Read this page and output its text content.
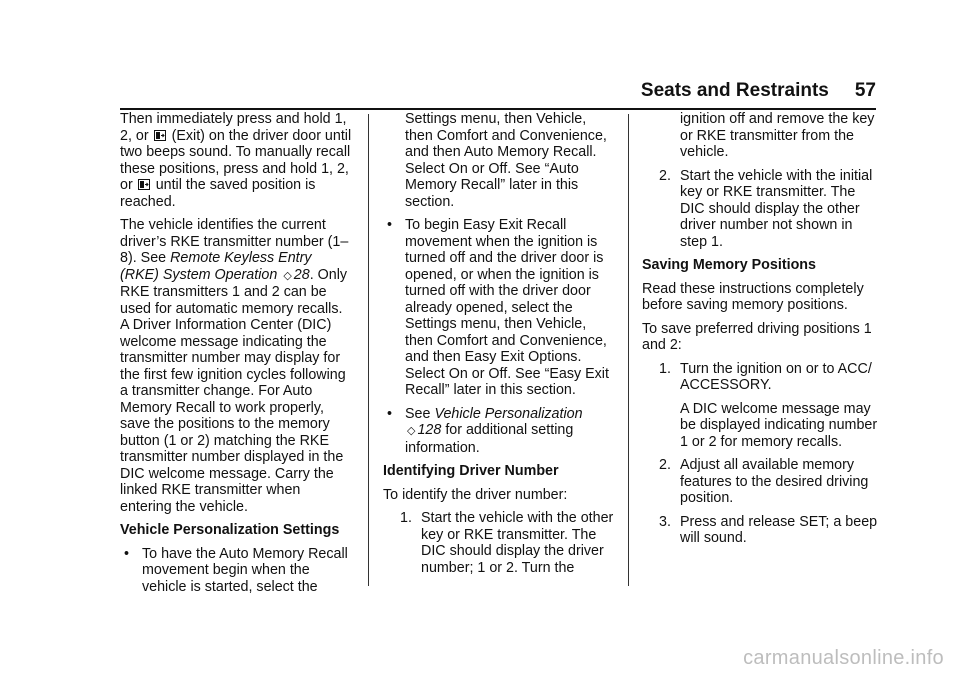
Seats and Restraints 57

Then immediately press and hold 1, 2, or (Exit) on the driver door until two beeps sound. To manually recall these positions, press and hold 1, 2, or until the saved position is reached.

The vehicle identifies the current driver’s RKE transmitter number (1–8). See Remote Keyless Entry (RKE) System Operation ◇ 28. Only RKE transmitters 1 and 2 can be used for automatic memory recalls. A Driver Information Center (DIC) welcome message indicating the transmitter number may display for the first few ignition cycles following a transmitter change. For Auto Memory Recall to work properly, save the positions to the memory button (1 or 2) matching the RKE transmitter number displayed in the DIC welcome message. Carry the linked RKE transmitter when entering the vehicle.

Vehicle Personalization Settings

• To have the Auto Memory Recall movement begin when the vehicle is started, select the
Settings menu, then Vehicle, then Comfort and Convenience, and then Auto Memory Recall. Select On or Off. See “Auto Memory Recall” later in this section.
• To begin Easy Exit Recall movement when the ignition is turned off and the driver door is opened, or when the ignition is turned off with the driver door already opened, select the Settings menu, then Vehicle, then Comfort and Convenience, and then Easy Exit Options. Select On or Off. See “Easy Exit Recall” later in this section.
• See Vehicle Personalization
◇ 128 for additional setting information.

Identifying Driver Number

To identify the driver number:

1. Start the vehicle with the other key or RKE transmitter. The DIC should display the driver number; 1 or 2. Turn the
ignition off and remove the key or RKE transmitter from the vehicle.
2. Start the vehicle with the initial key or RKE transmitter. The DIC should display the other driver number not shown in step 1.

Saving Memory Positions

Read these instructions completely before saving memory positions.

To save preferred driving positions 1 and 2:

1. Turn the ignition on or to ACC/ ACCESSORY.
A DIC welcome message may be displayed indicating number 1 or 2 for memory recalls.
2. Adjust all available memory features to the desired driving position.
3. Press and release SET; a beep will sound.
carmanualsonline.info
